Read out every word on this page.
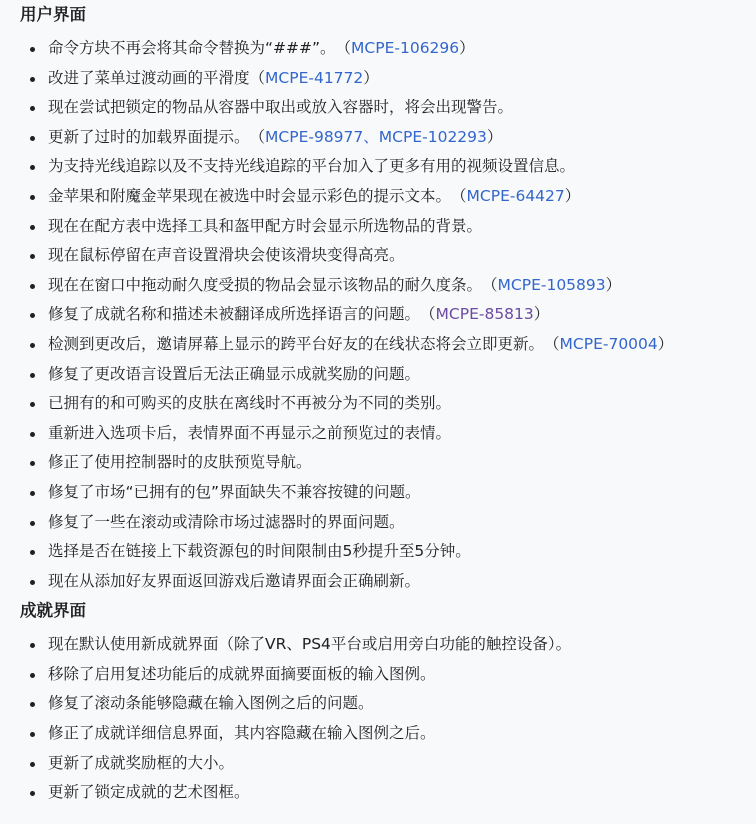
用户界面
命令方块不再会将其命令替换为“###”。　（MCPE-106296）
改进了菜单过渡动画的平滑度（MCPE-41772）
现在尝试把锁定的物品从容器中取出或放入容器时，将会出现警告。
更新了过时的加载界面提示。　（MCPE-98977、MCPE-102293）
为支持光线追踪以及不支持光线追踪的平台加入了更多有用的视频设置信息。
金苹果和附魔金苹果现在被选中时会显示彩色的提示文本。　（MCPE-64427）
现在在配方表中选择工具和盔甲配方时会显示所选物品的背景。
现在鼠标停留在声音设置滑块会使该滑块变得高亮。
现在在窗口中拖动耐久度受损的物品会显示该物品的耐久度条。　（MCPE-105893）
修复了成就名称和描述未被翻译成所选择语言的问题。　（MCPE-85813）
检测到更改后，邀请屏幕上显示的跨平台好友的在线状态将会立即更新。　（MCPE-70004）
修复了更改语言设置后无法正确显示成就奖励的问题。
已拥有的和可购买的皮肤在离线时不再被分为不同的类别。
重新进入选项卡后，表情界面不再显示之前预览过的表情。
修正了使用控制器时的皮肤预览导航。
修复了市场“已拥有的包”界面缺失不兼容按键的问题。
修复了一些在滚动或清除市场过滤器时的界面问题。
选择是否在链接上下载资源包的时间限制由5秒提升至5分钟。
现在从添加好友界面返回游戏后邀请界面会正确刷新。
成就界面
现在默认使用新成就界面（除了VR、PS4平台或启用旁白功能的触控设备）。
移除了启用复述功能后的成就界面摘要面板的输入图例。
修复了滚动条能够隐藏在输入图例之后的问题。
修正了成就详细信息界面，其内容隐藏在输入图例之后。
更新了成就奖励框的大小。
更新了锁定成就的艺术图框。
